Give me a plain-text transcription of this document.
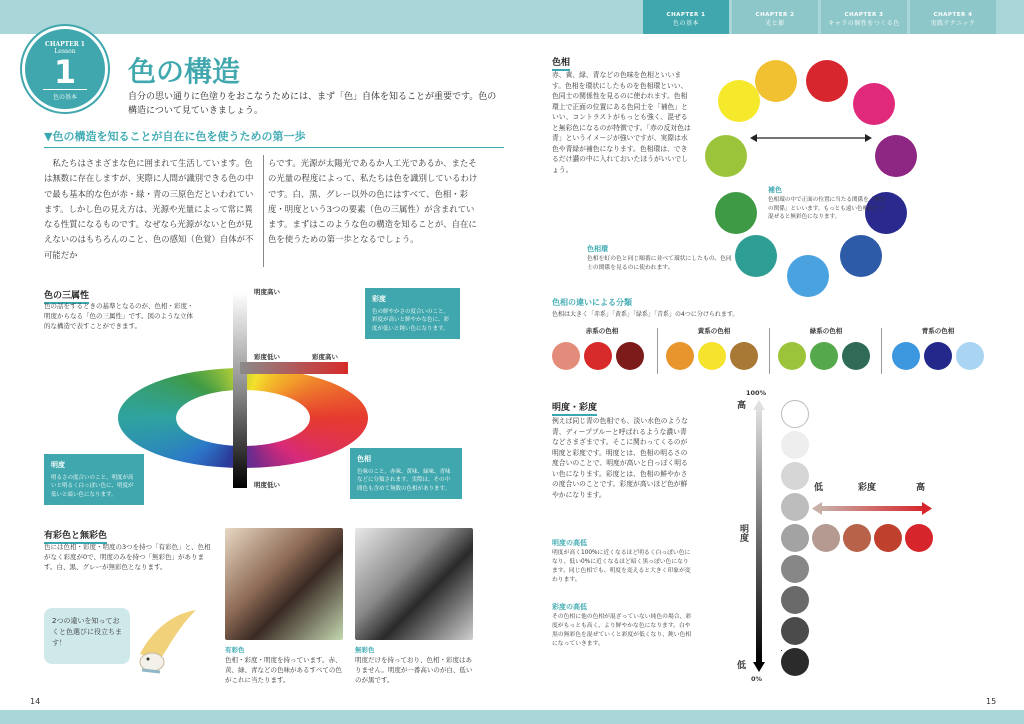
CHAPTER 1
色の基本
CHAPTER 2
光と影
CHAPTER 3
キャラの個性をつくる色
CHAPTER 4
実践テクニック
CHAPTER 1
Lesson
1
色の基本
色の構造
自分の思い通りに色塗りをおこなうためには、まず「色」自体を知ることが重要です。色の構造について見ていきましょう。
▼色の構造を知ることが自在に色を使うための第一歩
私たちはさまざまな色に囲まれて生活しています。色は無数に存在しますが、実際に人間が識別できる色の中で最も基本的な色が赤・緑・青の三原色だといわれています。しかし色の見え方は、光源や光量によって常に異なる性質になるものです。なぜなら光源がないと色が見えないのはもちろんのこと、色の感知（色覚）自体が不可能だか
らです。光源が太陽光であるか人工光であるか、またその光量の程度によって、私たちは色を識別しているわけです。白、黒、グレー以外の色にはすべて、色相・彩度・明度という3つの要素（色の三属性）が含まれています。まずはこのような色の構造を知ることが、自在に色を使うための第一歩となるでしょう。
色の三属性
色の話をするときの基準となるのが、色相・彩度・明度からなる「色の三属性」です。図のような立体的な構造で表すことができます。
明度高い
明度低い
彩度低い	彩度高い
彩度
色の鮮やかさの度合いのこと。彩度が高いと鮮やかな色に、彩度が低いと鈍い色になります。
明度
明るさの度合いのこと。明度が高いと明るく白っぽい色に、明度が低いと暗い色になります。
色相
色味のこと。赤味、黄味、緑味、青味などに分類されます。実際は、その中間色も含めて無数の色相があります。
有彩色と無彩色
色には色相・彩度・明度の3つを持つ「有彩色」と、色相がなく彩度が0で、明度のみを持つ「無彩色」があります。白、黒、グレーが無彩色となります。
2つの違いを知っておくと色選びに役立ちます！
有彩色
色相・彩度・明度を持っています。赤、黄、緑、青などの色味があるすべての色がこれに当たります。
無彩色
明度だけを持っており、色相・彩度はありません。明度が一番高いのが白、低いのが黒です。
14
色相
赤、黄、緑、青などの色味を色相といいます。色相を環状にしたものを色相環といい、色同士の関係性を見るのに使われます。色相環上で正面の位置にある色同士を「補色」といい、コントラストがもっとも強く、混ぜると無彩色になるのが特徴です。「赤の反対色は青」というイメージが強いですが、実際は水色や青緑が補色になります。色相環は、できるだけ讃の中に入れておいたほうがいいでしょう。
補色
色相環の中で正面の位置に当たる関係を「補色の関係」といいます。もっとも遠い色相同士で混ぜると無彩色になります。
色相環
色相を虹の色と同じ順番に並べて環状にしたもの。色同士の関係を見るのに使われます。
色相の違いによる分類
色相は大きく「赤系」「黄系」「緑系」「青系」の4つに分けられます。
赤系の色相	黄系の色相	緑系の色相	青系の色相
明度・彩度
例えば同じ青の色相でも、淡い水色のような青、ディープブルーと呼ばれるような濃い青などさまざまです。そこに関わってくるのが明度と彩度です。明度とは、色相の明るさの度合いのことで、明度が高いと白っぽく明るい色になります。彩度とは、色相の鮮やかさの度合いのことです。彩度が高いほど色が鮮やかになります。
明度の高低
明度が高く100%に近くなるほど明るく白っぽい色になり、低い0%に近くなるほど暗く黒っぽい色になります。同じ色相でも、明度を変えると大きく印象が変わります。
彩度の高低
その色相に他の色相が混ざっていない純色の場合、彩度がもっとも高く、より鮮やかな色になります。白や黒の無彩色を混ぜていくと彩度が低くなり、鈍い色相になっていきます。
100%
0%
高
低
明度
低	彩度	高
15
